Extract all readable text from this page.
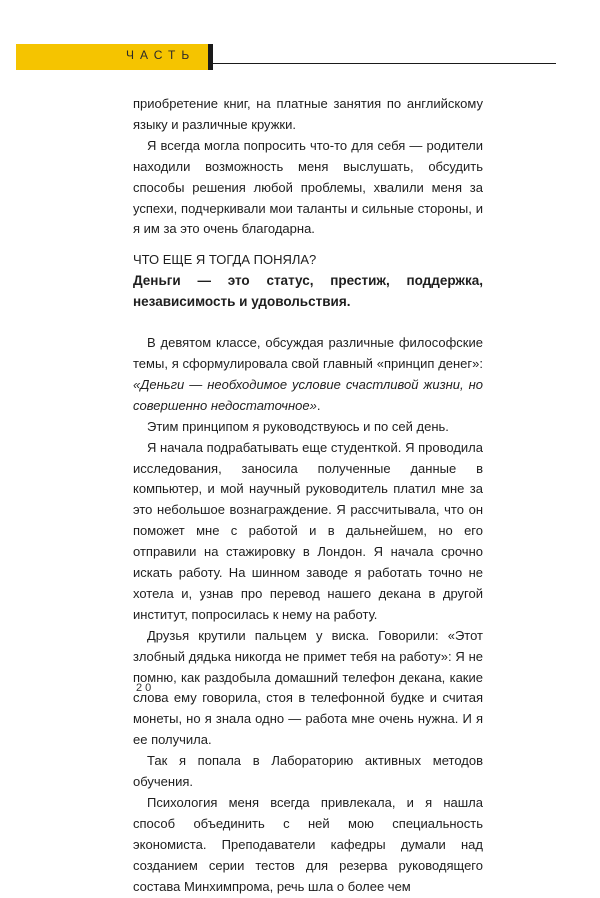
ЧАСТЬ

приобретение книг, на платные занятия по английскому языку и различные кружки.

Я всегда могла попросить что-то для себя — родители находили возможность меня выслушать, обсудить способы решения любой проблемы, хвалили меня за успехи, подчеркивали мои таланты и сильные стороны, и я им за это очень благодарна.

ЧТО ЕЩЕ Я ТОГДА ПОНЯЛА?

Деньги — это статус, престиж, поддержка, независимость и удовольствия.

В девятом классе, обсуждая различные философские темы, я сформулировала свой главный «принцип денег»: «Деньги — необходимое условие счастливой жизни, но совершенно недостаточное».

Этим принципом я руководствуюсь и по сей день.

Я начала подрабатывать еще студенткой. Я проводила исследования, заносила полученные данные в компьютер, и мой научный руководитель платил мне за это небольшое вознаграждение. Я рассчитывала, что он поможет мне с работой и в дальнейшем, но его отправили на стажировку в Лондон. Я начала срочно искать работу. На шинном заводе я работать точно не хотела и, узнав про перевод нашего декана в другой институт, попросилась к нему на работу.

Друзья крутили пальцем у виска. Говорили: «Этот злобный дядька никогда не примет тебя на работу»: Я не помню, как раздобыла домашний телефон декана, какие слова ему говорила, стоя в телефонной будке и считая монеты, но я знала одно — работа мне очень нужна. И я ее получила.

Так я попала в Лабораторию активных методов обучения.

Психология меня всегда привлекала, и я нашла способ объединить с ней мою специальность экономиста. Преподаватели кафедры думали над созданием серии тестов для резерва руководящего состава Минхимпрома, речь шла о более чем

20
